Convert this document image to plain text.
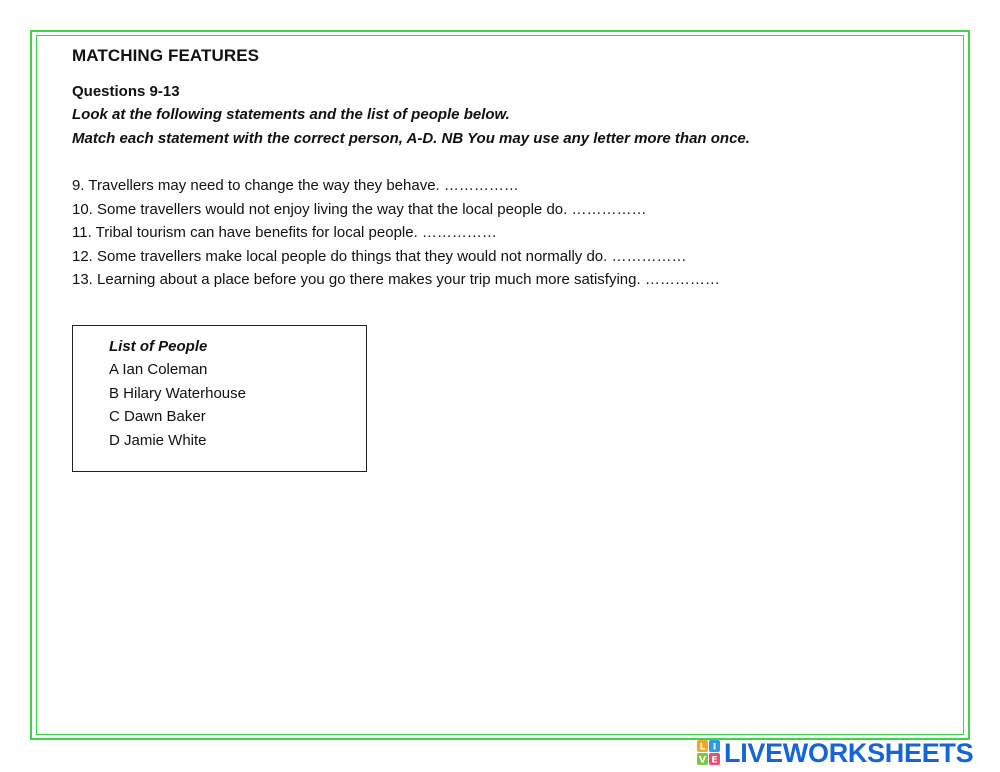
MATCHING FEATURES
Questions 9-13
Look at the following statements and the list of people below.
Match each statement with the correct person, A-D. NB You may use any letter more than once.
9. Travellers may need to change the way they behave. ……………
10. Some travellers would not enjoy living the way that the local people do. ……………
11. Tribal tourism can have benefits for local people. ……………
12. Some travellers make local people do things that they would not normally do. ……………
13. Learning about a place before you go there makes your trip much more satisfying. ……………
List of People
A Ian Coleman
B Hilary Waterhouse
C Dawn Baker
D Jamie White
L I
V E LIVEWORKSHEETS
